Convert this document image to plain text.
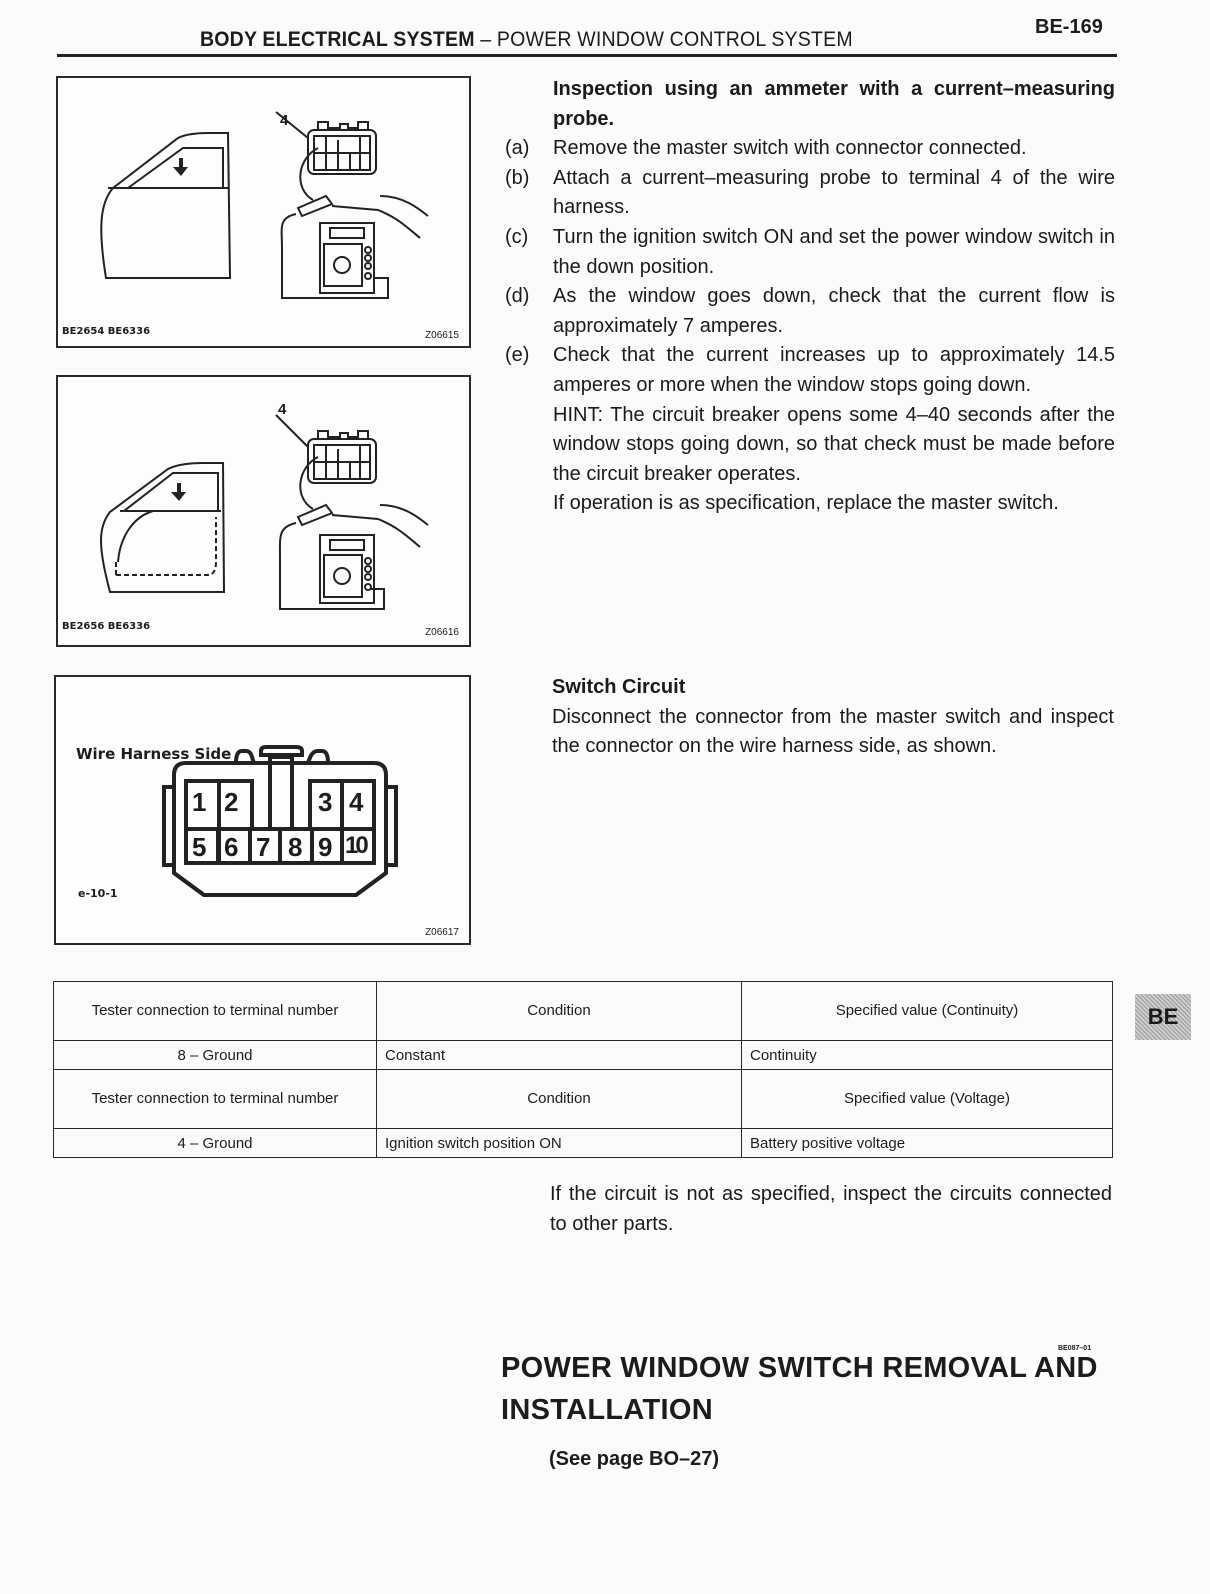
BODY ELECTRICAL SYSTEM – POWER WINDOW CONTROL SYSTEM
BE-169
4
BE2654 BE6336	Z06615
4
BE2656 BE6336
Z06616
Wire Harness Side
1 2	3 4
5 6 7 8 9 10
e-10-1
Z06617
Inspection using an ammeter with a current–measuring probe.
(a) Remove the master switch with connector connected.
(b) Attach a current–measuring probe to terminal 4 of the wire harness.
(c) Turn the ignition switch ON and set the power window switch in the down position.
(d) As the window goes down, check that the current flow is approximately 7 amperes.
(e) Check that the current increases up to approximately 14.5 amperes or more when the window stops going down.
HINT: The circuit breaker opens some 4–40 seconds after the window stops going down, so that check must be made before the circuit breaker operates.
If operation is as specification, replace the master switch.
Switch Circuit
Disconnect the connector from the master switch and inspect the connector on the wire harness side, as shown.
Tester connection to terminal number	Condition	Specified value (Continuity)
8 – Ground	Constant	Continuity
Tester connection to terminal number	Condition	Specified value (Voltage)
4 – Ground	Ignition switch position ON	Battery positive voltage
BE
If the circuit is not as specified, inspect the circuits connected to other parts.
BE087–01
POWER WINDOW SWITCH REMOVAL AND INSTALLATION
(See page BO–27)
